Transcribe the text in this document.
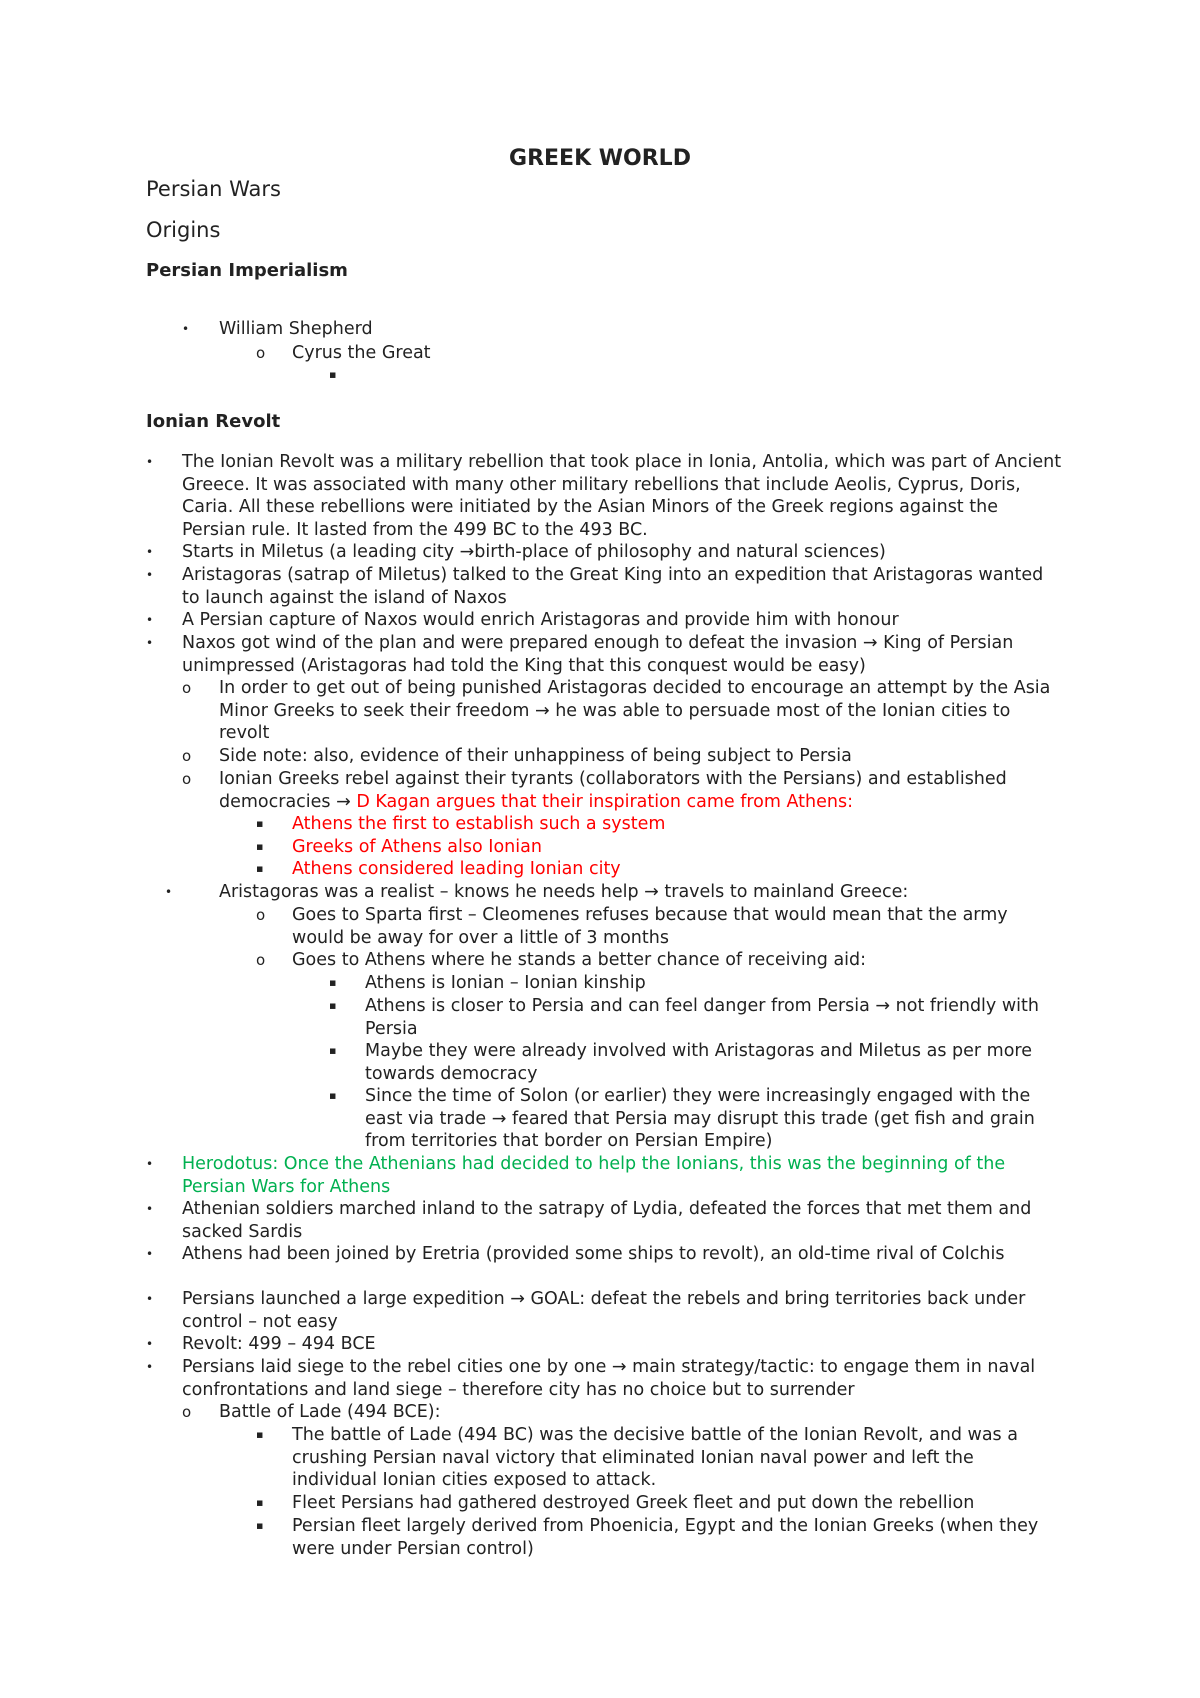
GREEK WORLD
Persian Wars
Origins
Persian Imperialism
• William Shepherd
o Cyrus the Great
▪
Ionian Revolt
• The Ionian Revolt was a military rebellion that took place in Ionia, Antolia, which was part of Ancient Greece. It was associated with many other military rebellions that include Aeolis, Cyprus, Doris, Caria. All these rebellions were initiated by the Asian Minors of the Greek regions against the Persian rule. It lasted from the 499 BC to the 493 BC.
• Starts in Miletus (a leading city →birth-place of philosophy and natural sciences)
• Aristagoras (satrap of Miletus) talked to the Great King into an expedition that Aristagoras wanted to launch against the island of Naxos
• A Persian capture of Naxos would enrich Aristagoras and provide him with honour
• Naxos got wind of the plan and were prepared enough to defeat the invasion → King of Persian unimpressed (Aristagoras had told the King that this conquest would be easy)
o In order to get out of being punished Aristagoras decided to encourage an attempt by the Asia Minor Greeks to seek their freedom → he was able to persuade most of the Ionian cities to revolt
o Side note: also, evidence of their unhappiness of being subject to Persia
o Ionian Greeks rebel against their tyrants (collaborators with the Persians) and established democracies → D Kagan argues that their inspiration came from Athens:
▪ Athens the first to establish such a system
▪ Greeks of Athens also Ionian
▪ Athens considered leading Ionian city
•	Aristagoras was a realist – knows he needs help → travels to mainland Greece:
o Goes to Sparta first – Cleomenes refuses because that would mean that the army would be away for over a little of 3 months
o Goes to Athens where he stands a better chance of receiving aid:
▪ Athens is Ionian – Ionian kinship
▪ Athens is closer to Persia and can feel danger from Persia → not friendly with Persia
▪ Maybe they were already involved with Aristagoras and Miletus as per more towards democracy
▪ Since the time of Solon (or earlier) they were increasingly engaged with the east via trade → feared that Persia may disrupt this trade (get fish and grain from territories that border on Persian Empire)
• Herodotus: Once the Athenians had decided to help the Ionians, this was the beginning of the Persian Wars for Athens
• Athenian soldiers marched inland to the satrapy of Lydia, defeated the forces that met them and sacked Sardis
• Athens had been joined by Eretria (provided some ships to revolt), an old-time rival of Colchis
• Persians launched a large expedition → GOAL: defeat the rebels and bring territories back under control – not easy
• Revolt: 499 – 494 BCE
• Persians laid siege to the rebel cities one by one → main strategy/tactic: to engage them in naval confrontations and land siege – therefore city has no choice but to surrender
o Battle of Lade (494 BCE):
▪ The battle of Lade (494 BC) was the decisive battle of the Ionian Revolt, and was a crushing Persian naval victory that eliminated Ionian naval power and left the individual Ionian cities exposed to attack.
▪ Fleet Persians had gathered destroyed Greek fleet and put down the rebellion
▪ Persian fleet largely derived from Phoenicia, Egypt and the Ionian Greeks (when they were under Persian control)
